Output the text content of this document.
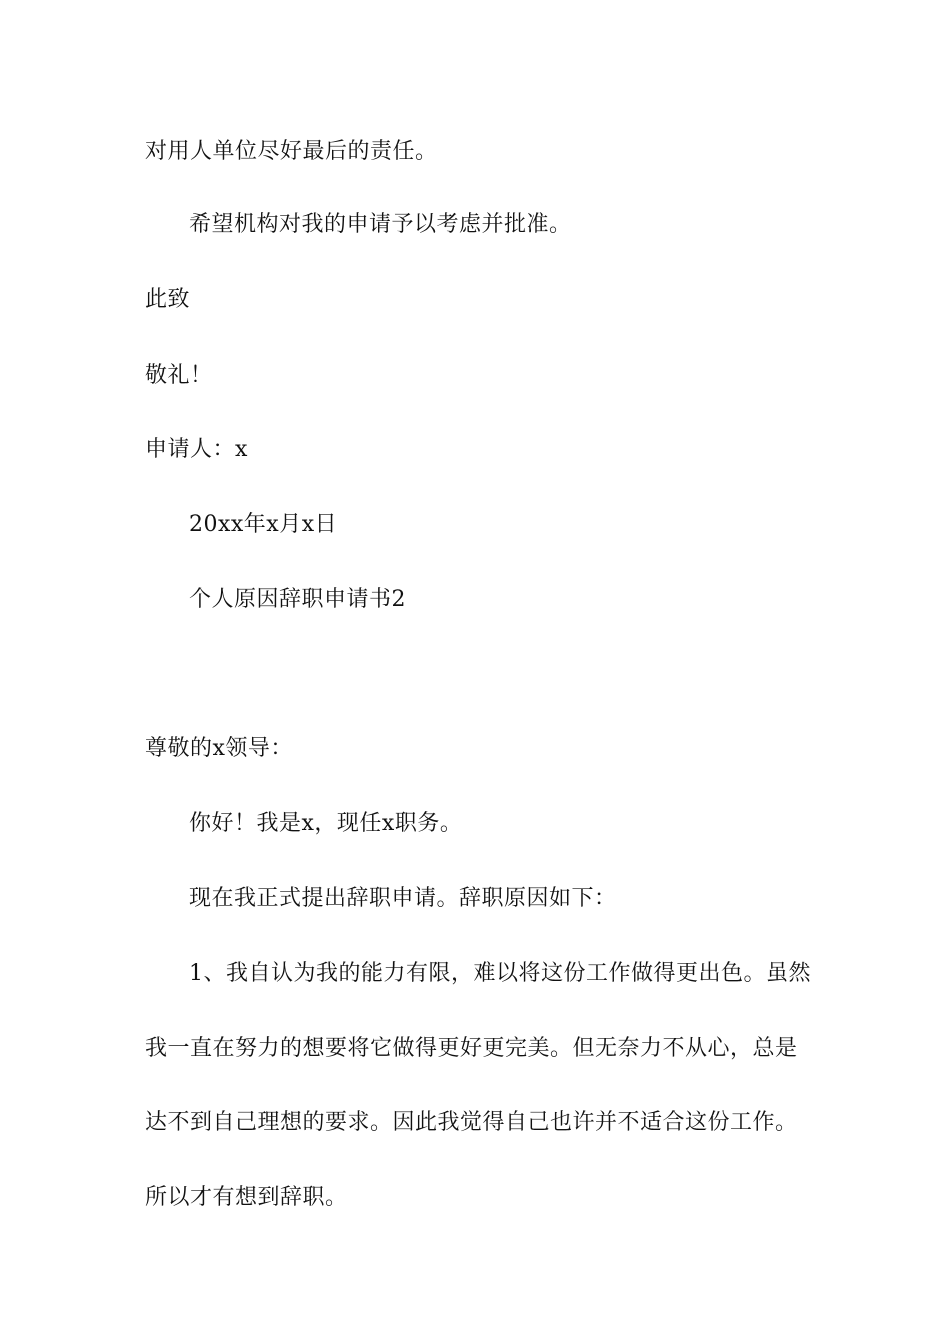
对用人单位尽好最后的责任。
希望机构对我的申请予以考虑并批准。
此致
敬礼！
申请人：x
20xx年x月x日
个人原因辞职申请书2
尊敬的x领导：
你好！我是x，现任x职务。
现在我正式提出辞职申请。辞职原因如下：
1、我自认为我的能力有限，难以将这份工作做得更出色。虽然
我一直在努力的想要将它做得更好更完美。但无奈力不从心，总是
达不到自己理想的要求。因此我觉得自己也许并不适合这份工作。
所以才有想到辞职。
